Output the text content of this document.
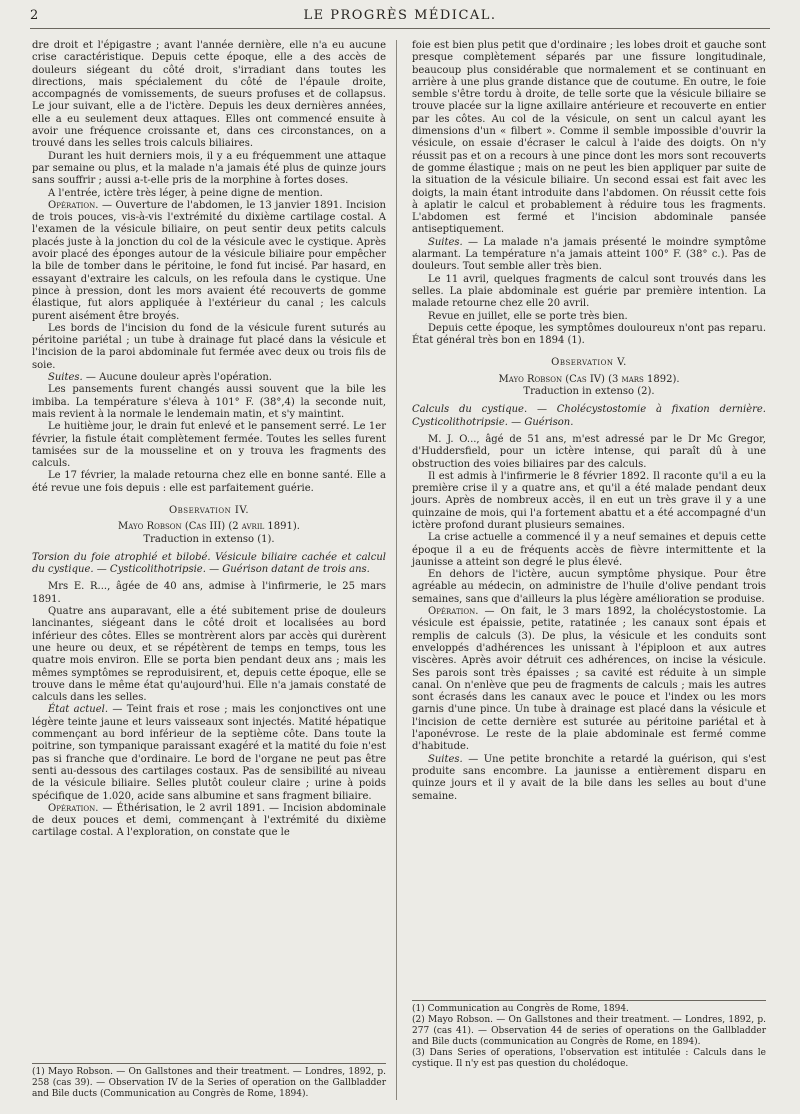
2	LE PROGRÈS MÉDICAL.

dre droit et l'épigastre ; avant l'année dernière, elle n'a eu aucune crise caractéristique. Depuis cette époque, elle a des accès de douleurs siégeant du côté droit, s'irradiant dans toutes les directions, mais spécialement du côté de l'épaule droite, accompagnés de vomissements, de sueurs profuses et de collapsus. Le jour suivant, elle a de l'ictère. Depuis les deux dernières années, elle a eu seulement deux attaques. Elles ont commencé ensuite à avoir une fréquence croissante et, dans ces circonstances, on a trouvé dans les selles trois calculs biliaires.

Durant les huit derniers mois, il y a eu fréquemment une attaque par semaine ou plus, et la malade n'a jamais été plus de quinze jours sans souffrir ; aussi a-t-elle pris de la morphine à fortes doses.

A l'entrée, ictère très léger, à peine digne de mention.

Opération. — Ouverture de l'abdomen, le 13 janvier 1891. Incision de trois pouces, vis-à-vis l'extrémité du dixième cartilage costal. A l'examen de la vésicule biliaire, on peut sentir deux petits calculs placés juste à la jonction du col de la vésicule avec le cystique. Après avoir placé des éponges autour de la vésicule biliaire pour empêcher la bile de tomber dans le péritoine, le fond fut incisé. Par hasard, en essayant d'extraire les calculs, on les refoula dans le cystique. Une pince à pression, dont les mors avaient été recouverts de gomme élastique, fut alors appliquée à l'extérieur du canal ; les calculs purent aisément être broyés.

Les bords de l'incision du fond de la vésicule furent suturés au péritoine pariétal ; un tube à drainage fut placé dans la vésicule et l'incision de la paroi abdominale fut fermée avec deux ou trois fils de soie.

Suites. — Aucune douleur après l'opération.

Les pansements furent changés aussi souvent que la bile les imbiba. La température s'éleva à 101° F. (38°,4) la seconde nuit, mais revient à la normale le lendemain matin, et s'y maintint.

Le huitième jour, le drain fut enlevé et le pansement serré. Le 1er février, la fistule était complètement fermée. Toutes les selles furent tamisées sur de la mousseline et on y trouva les fragments des calculs.

Le 17 février, la malade retourna chez elle en bonne santé. Elle a été revue une fois depuis : elle est parfaitement guérie.

Observation IV.

Mayo Robson (Cas III) (2 avril 1891).

Traduction in extenso (1).

Torsion du foie atrophié et bilobé. Vésicule biliaire cachée et calcul du cystique. — Cysticolithotripsie. — Guérison datant de trois ans.

Mrs E. R..., âgée de 40 ans, admise à l'infirmerie, le 25 mars 1891.

Quatre ans auparavant, elle a été subitement prise de douleurs lancinantes, siégeant dans le côté droit et localisées au bord inférieur des côtes. Elles se montrèrent alors par accès qui durèrent une heure ou deux, et se répétèrent de temps en temps, tous les quatre mois environ. Elle se porta bien pendant deux ans ; mais les mêmes symptômes se reproduisirent, et, depuis cette époque, elle se trouve dans le même état qu'aujourd'hui. Elle n'a jamais constaté de calculs dans les selles.

État actuel. — Teint frais et rose ; mais les conjonctives ont une légère teinte jaune et leurs vaisseaux sont injectés. Matité hépatique commençant au bord inférieur de la septième côte. Dans toute la poitrine, son tympanique paraissant exagéré et la matité du foie n'est pas si franche que d'ordinaire. Le bord de l'organe ne peut pas être senti au-dessous des cartilages costaux. Pas de sensibilité au niveau de la vésicule biliaire. Selles plutôt couleur claire ; urine à poids spécifique de 1.020, acide sans albumine et sans fragment biliaire.

Opération. — Éthérisation, le 2 avril 1891. — Incision abdominale de deux pouces et demi, commençant à l'extrémité du dixième cartilage costal. A l'exploration, on constate que le

(1) Mayo Robson. — On Gallstones and their treatment. — Londres, 1892, p. 258 (cas 39). — Observation IV de la Series of operation on the Gallbladder and Bile ducts (Communication au Congrès de Rome, 1894).

foie est bien plus petit que d'ordinaire ; les lobes droit et gauche sont presque complètement séparés par une fissure longitudinale, beaucoup plus considérable que normalement et se continuant en arrière à une plus grande distance que de coutume. En outre, le foie semble s'être tordu à droite, de telle sorte que la vésicule biliaire se trouve placée sur la ligne axillaire antérieure et recouverte en entier par les côtes. Au col de la vésicule, on sent un calcul ayant les dimensions d'un « filbert ». Comme il semble impossible d'ouvrir la vésicule, on essaie d'écraser le calcul à l'aide des doigts. On n'y réussit pas et on a recours à une pince dont les mors sont recouverts de gomme élastique ; mais on ne peut les bien appliquer par suite de la situation de la vésicule biliaire. Un second essai est fait avec les doigts, la main étant introduite dans l'abdomen. On réussit cette fois à aplatir le calcul et probablement à réduire tous les fragments. L'abdomen est fermé et l'incision abdominale pansée antiseptiquement.

Suites. — La malade n'a jamais présenté le moindre symptôme alarmant. La température n'a jamais atteint 100° F. (38° c.). Pas de douleurs. Tout semble aller très bien.

Le 11 avril, quelques fragments de calcul sont trouvés dans les selles. La plaie abdominale est guérie par première intention. La malade retourne chez elle 20 avril.

Revue en juillet, elle se porte très bien.

Depuis cette époque, les symptômes douloureux n'ont pas reparu. État général très bon en 1894 (1).

Observation V.

Mayo Robson (Cas IV) (3 mars 1892).

Traduction in extenso (2).

Calculs du cystique. — Cholécystostomie à fixation dernière. Cysticolithotripsie. — Guérison.

M. J. O..., âgé de 51 ans, m'est adressé par le Dr Mc Gregor, d'Huddersfield, pour un ictère intense, qui paraît dû à une obstruction des voies biliaires par des calculs.

Il est admis à l'infirmerie le 8 février 1892. Il raconte qu'il a eu la première crise il y a quatre ans, et qu'il a été malade pendant deux jours. Après de nombreux accès, il en eut un très grave il y a une quinzaine de mois, qui l'a fortement abattu et a été accompagné d'un ictère profond durant plusieurs semaines.

La crise actuelle a commencé il y a neuf semaines et depuis cette époque il a eu de fréquents accès de fièvre intermittente et la jaunisse a atteint son degré le plus élevé.

En dehors de l'ictère, aucun symptôme physique. Pour être agréable au médecin, on administre de l'huile d'olive pendant trois semaines, sans que d'ailleurs la plus légère amélioration se produise.

Opération. — On fait, le 3 mars 1892, la cholécystostomie. La vésicule est épaissie, petite, ratatinée ; les canaux sont épais et remplis de calculs (3). De plus, la vésicule et les conduits sont enveloppés d'adhérences les unissant à l'épiploon et aux autres viscères. Après avoir détruit ces adhérences, on incise la vésicule. Ses parois sont très épaisses ; sa cavité est réduite à un simple canal. On n'enlève que peu de fragments de calculs ; mais les autres sont écrasés dans les canaux avec le pouce et l'index ou les mors garnis d'une pince. Un tube à drainage est placé dans la vésicule et l'incision de cette dernière est suturée au péritoine pariétal et à l'aponévrose. Le reste de la plaie abdominale est fermé comme d'habitude.

Suites. — Une petite bronchite a retardé la guérison, qui s'est produite sans encombre. La jaunisse a entièrement disparu en quinze jours et il y avait de la bile dans les selles au bout d'une semaine.

(1) Communication au Congrès de Rome, 1894.

(2) Mayo Robson. — On Gallstones and their treatment. — Londres, 1892, p. 277 (cas 41). — Observation 44 de series of operations on the Gallbladder and Bile ducts (communication au Congrès de Rome, en 1894).

(3) Dans Series of operations, l'observation est intitulée : Calculs dans le cystique. Il n'y est pas question du cholédoque.
